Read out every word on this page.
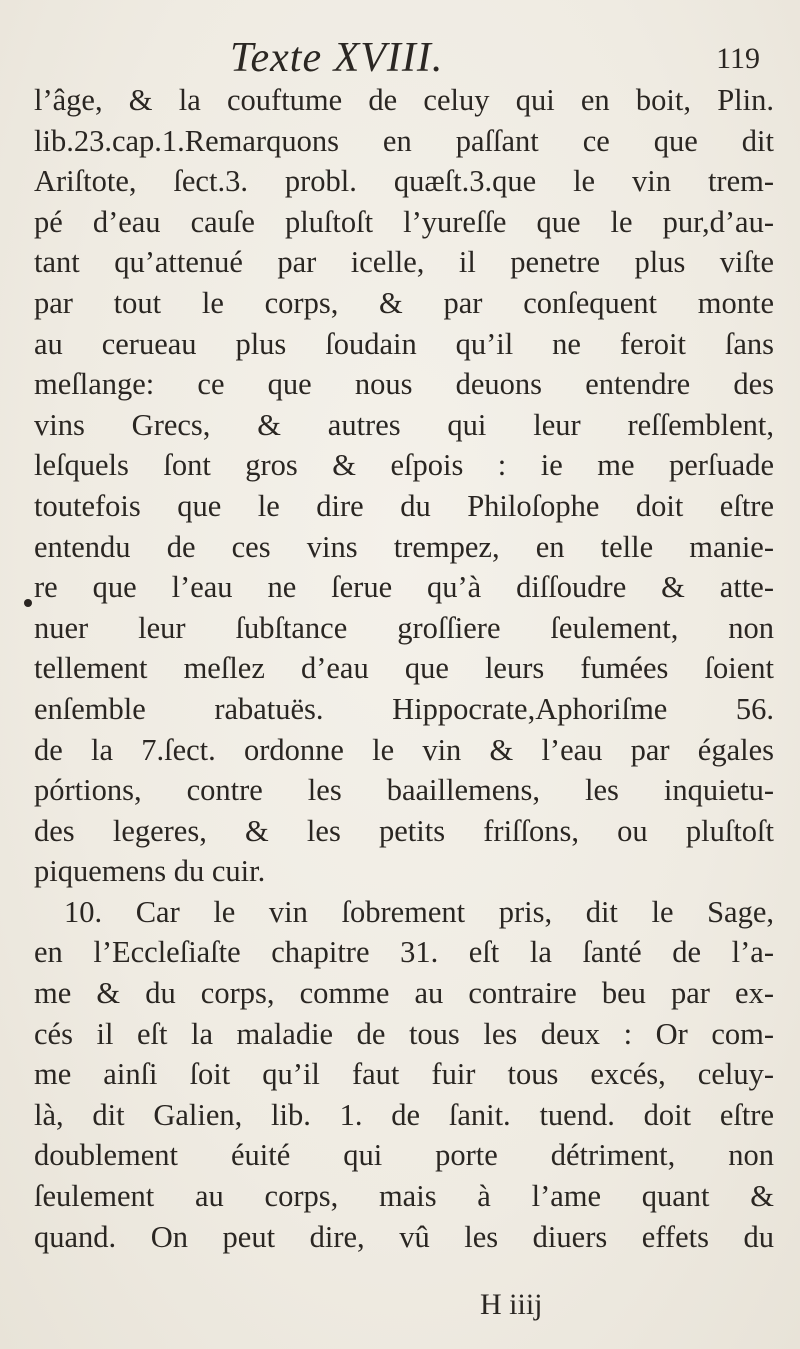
Texte XVIII.	119
l’âge, & la couftume de celuy qui en boit, Plin.
lib.23.cap.1.Remarquons en paſſant ce que dit
Ariſtote, ſect.3. probl. quæſt.3.que le vin trem-
pé d’eau cauſe pluſtoſt l’yureſſe que le pur,d’au-
tant qu’attenué par icelle, il penetre plus viſte
par tout le corps, & par conſequent monte
au cerueau plus ſoudain qu’il ne feroit ſans
meſlange: ce que nous deuons entendre des
vins Grecs, & autres qui leur reſſemblent,
leſquels ſont gros & eſpois : ie me perſuade
toutefois que le dire du Philoſophe doit eſtre
entendu de ces vins trempez, en telle manie-
re que l’eau ne ſerue qu’à diſſoudre & atte-
nuer leur ſubſtance groſſiere ſeulement, non
tellement meſlez d’eau que leurs fumées ſoient
enſemble rabatuës. Hippocrate,Aphoriſme 56.
de la 7.ſect. ordonne le vin & l’eau par égales
pórtions, contre les baaillemens, les inquietu-
des legeres, & les petits friſſons, ou pluſtoſt
piquemens du cuir.
10. Car le vin ſobrement pris, dit le Sage,
en l’Eccleſiaſte chapitre 31. eſt la ſanté de l’a-
me & du corps, comme au contraire beu par ex-
cés il eſt la maladie de tous les deux : Or com-
me ainſi ſoit qu’il faut fuir tous excés, celuy-
là, dit Galien, lib. 1. de ſanit. tuend. doit eſtre
doublement éuité qui porte détriment, non
ſeulement au corps, mais à l’ame quant &
quand. On peut dire, vû les diuers effets du
H iiij
